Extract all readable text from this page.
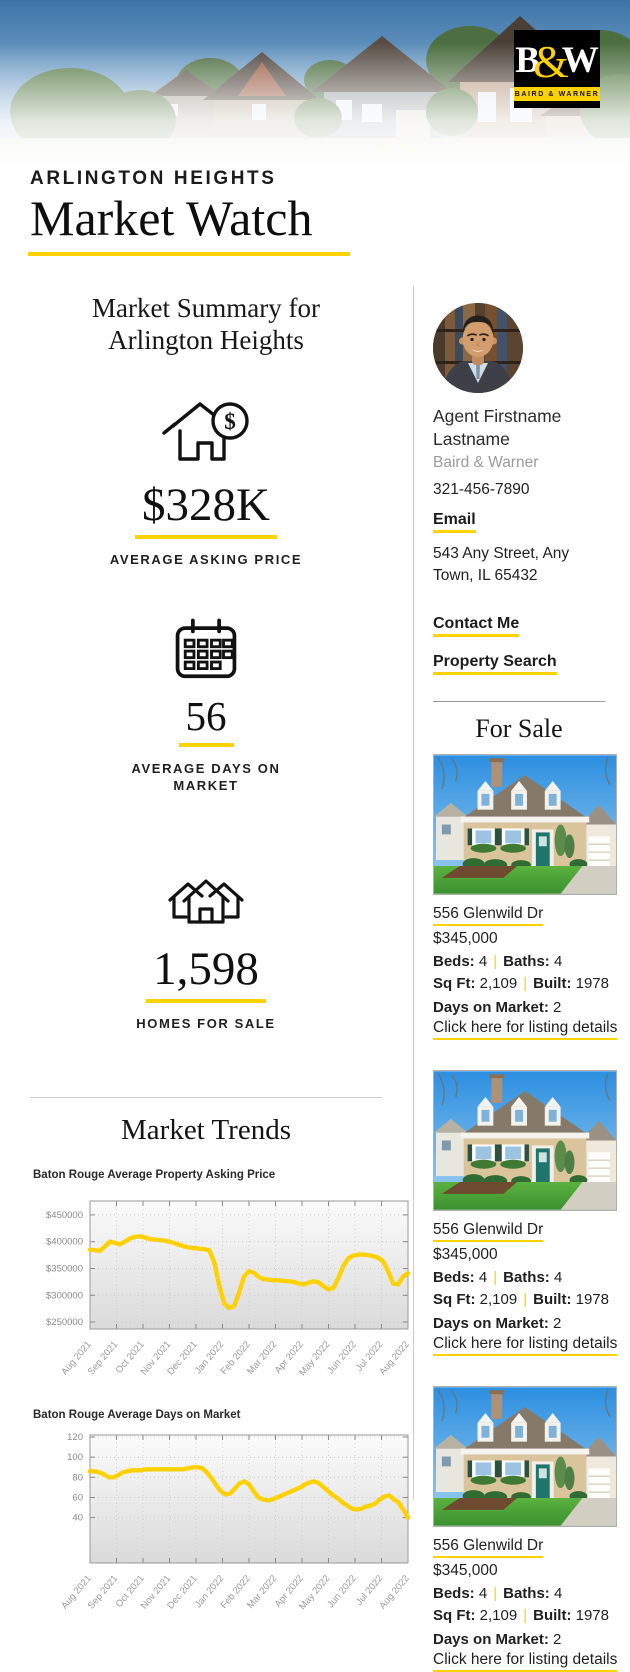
B
&
W
BAIRD & WARNER
ARLINGTON HEIGHTS
Market Watch
Market Summary for Arlington Heights
$
$328K
AVERAGE ASKING PRICE
56
AVERAGE DAYS ON MARKET
1,598
HOMES FOR SALE
Market Trends
Baton Rouge Average Property Asking Price
$450000
$400000
$350000
$300000
$250000
Aug 2021
Sep 2021
Oct 2021
Nov 2021
Dec 2021
Jan 2022
Feb 2022
Mar 2022
Apr 2022
May 2022
Jun 2022
Jul 2022
Aug 2022
Baton Rouge Average Days on Market
120
100
80
60
40
Aug 2021
Sep 2021
Oct 2021
Nov 2021
Dec 2021
Jan 2022
Feb 2022
Mar 2022
Apr 2022
May 2022
Jun 2022
Jul 2022
Aug 2022
Agent Firstname Lastname
Baird & Warner
321-456-7890
Email
543 Any Street, Any Town, IL 65432
Contact Me
Property Search
For Sale
556 Glenwild Dr
$345,000
Beds: 4 | Baths: 4
Sq Ft: 2,109 | Built: 1978
Days on Market: 2
Click here for listing details
556 Glenwild Dr
$345,000
Beds: 4 | Baths: 4
Sq Ft: 2,109 | Built: 1978
Days on Market: 2
Click here for listing details
556 Glenwild Dr
$345,000
Beds: 4 | Baths: 4
Sq Ft: 2,109 | Built: 1978
Days on Market: 2
Click here for listing details
